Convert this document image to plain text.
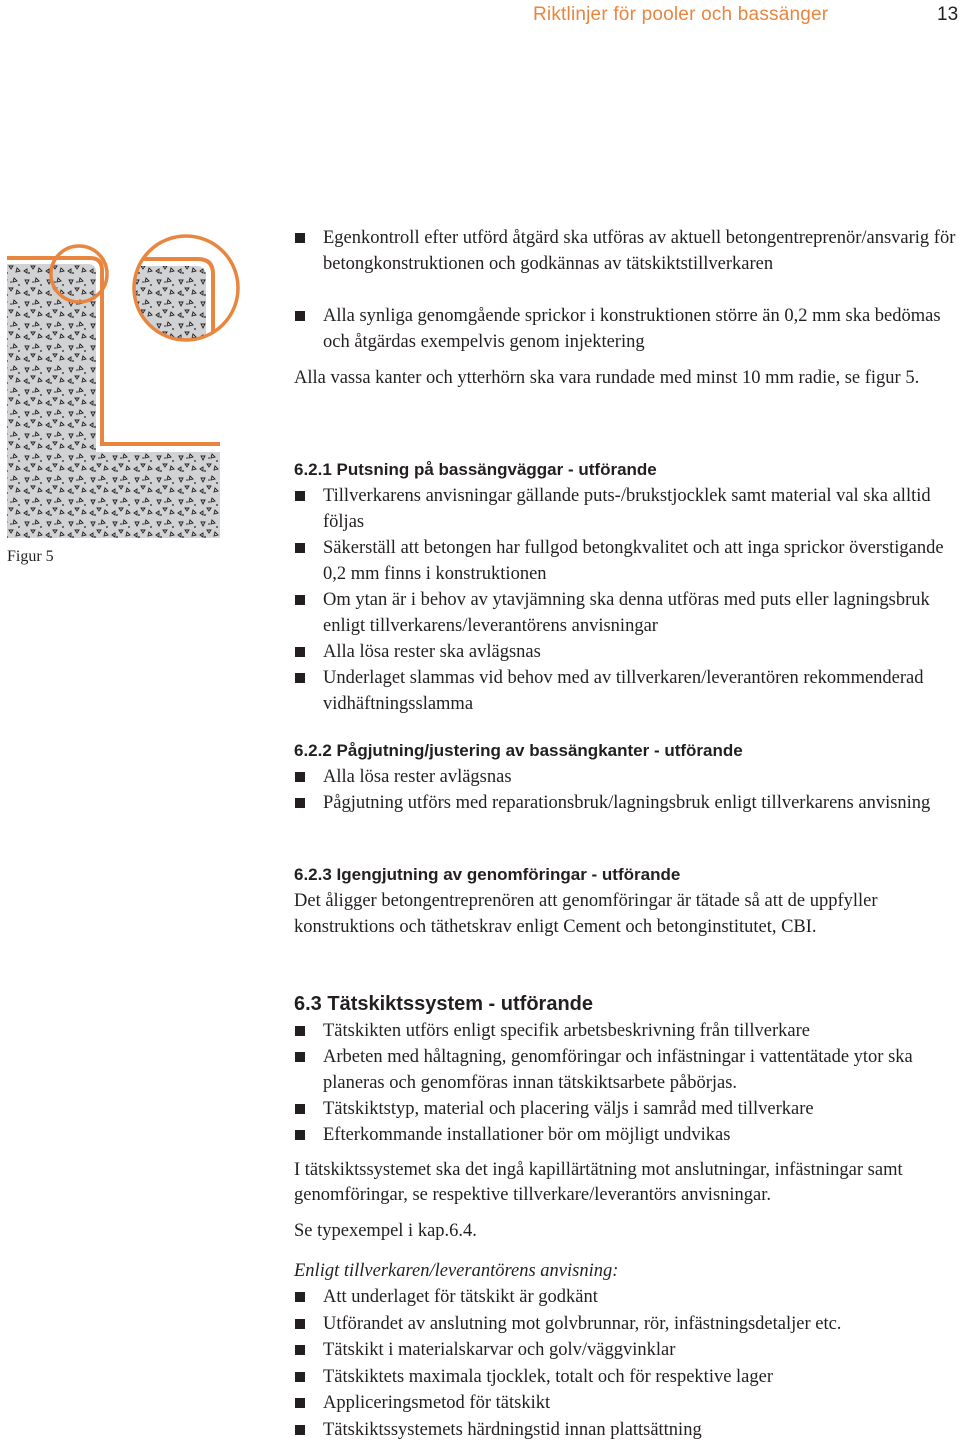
Riktlinjer för pooler och bassänger	13
Figur 5
Egenkontroll efter utförd åtgärd ska utföras av aktuell betongentreprenör/ansvarig för betongkonstruktionen och godkännas av tätskiktstillverkaren
Alla synliga genomgående sprickor i konstruktionen större än 0,2 mm ska bedömas och åtgärdas exempelvis genom injektering

Alla vassa kanter och ytterhörn ska vara rundade med minst 10 mm radie, se figur 5.

6.2.1 Putsning på bassängväggar - utförande
Tillverkarens anvisningar gällande puts-/brukstjocklek samt material val ska alltid följas
Säkerställ att betongen har fullgod betongkvalitet och att inga sprickor överstigande 0,2 mm finns i konstruktionen
Om ytan är i behov av ytavjämning ska denna utföras med puts eller lagningsbruk enligt tillverkarens/leverantörens anvisningar
Alla lösa rester ska avlägsnas
Underlaget slammas vid behov med av tillverkaren/leverantören rekommenderad vidhäftningsslamma
6.2.2 Pågjutning/justering av bassängkanter - utförande
Alla lösa rester avlägsnas
Pågjutning utförs med reparationsbruk/lagningsbruk enligt tillverkarens anvisning
6.2.3 Igengjutning av genomföringar - utförande

Det åligger betongentreprenören att genomföringar är tätade så att de uppfyller konstruktions och täthetskrav enligt Cement och betonginstitutet, CBI.

6.3 Tätskiktssystem - utförande
Tätskikten utförs enligt specifik arbetsbeskrivning från tillverkare
Arbeten med håltagning, genomföringar och infästningar i vattentätade ytor ska planeras och genomföras innan tätskiktsarbete påbörjas.
Tätskiktstyp, material och placering väljs i samråd med tillverkare
Efterkommande installationer bör om möjligt undvikas

I tätskiktssystemet ska det ingå kapillärtätning mot anslutningar, infästningar samt genomföringar, se respektive tillverkare/leverantörs anvisningar.

Se typexempel i kap.6.4.

Enligt tillverkaren/leverantörens anvisning:

Att underlaget för tätskikt är godkänt
Utförandet av anslutning mot golvbrunnar, rör, infästningsdetaljer etc.
Tätskikt i materialskarvar och golv/väggvinklar
Tätskiktets maximala tjocklek, totalt och för respektive lager
Appliceringsmetod för tätskikt
Tätskiktssystemets härdningstid innan plattsättning
